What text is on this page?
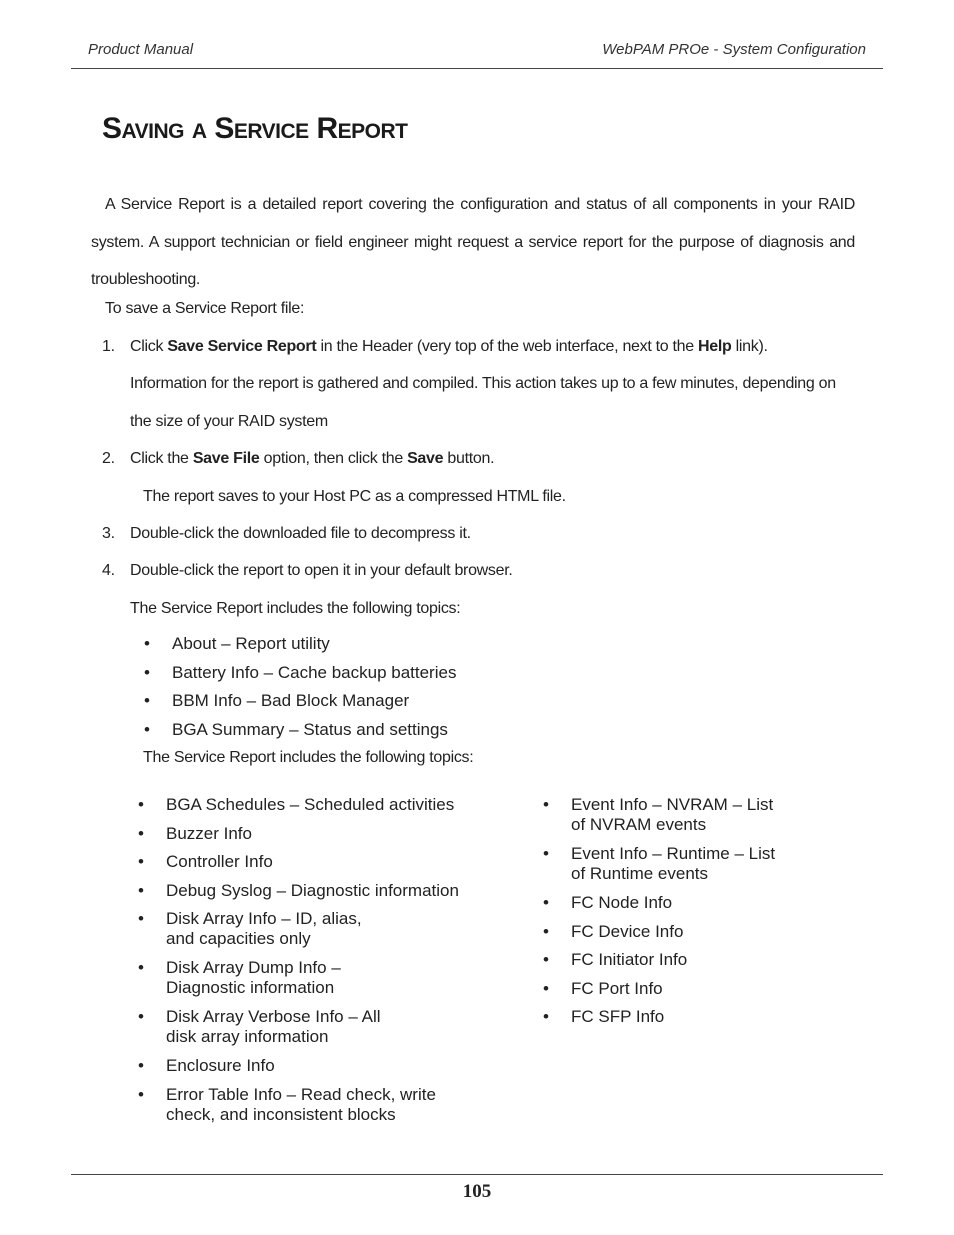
Product Manual	WebPAM PROe - System Configuration
SAVING A SERVICE REPORT
A Service Report is a detailed report covering the configuration and status of all components in your RAID system. A support technician or field engineer might request a service report for the purpose of diagnosis and troubleshooting.
To save a Service Report file:
1. Click Save Service Report in the Header (very top of the web interface, next to the Help link).
Information for the report is gathered and compiled. This action takes up to a few minutes, depending on
the size of your RAID system
2. Click the Save File option, then click the Save button.
The report saves to your Host PC as a compressed HTML file.
3. Double-click the downloaded file to decompress it.
4. Double-click the report to open it in your default browser.
The Service Report includes the following topics:
• About – Report utility
• Battery Info – Cache backup batteries
• BBM Info – Bad Block Manager
• BGA Summary – Status and settings
The Service Report includes the following topics:
• BGA Schedules – Scheduled activities
• Buzzer Info
• Controller Info
• Debug Syslog – Diagnostic information
• Disk Array Info – ID, alias,
and capacities only
• Disk Array Dump Info –
Diagnostic information
• Disk Array Verbose Info – All
disk array information
• Enclosure Info
• Error Table Info – Read check, write
check, and inconsistent blocks
• Event Info – NVRAM – List
of NVRAM events
• Event Info – Runtime – List
of Runtime events
• FC Node Info
• FC Device Info
• FC Initiator Info
• FC Port Info
• FC SFP Info
105
